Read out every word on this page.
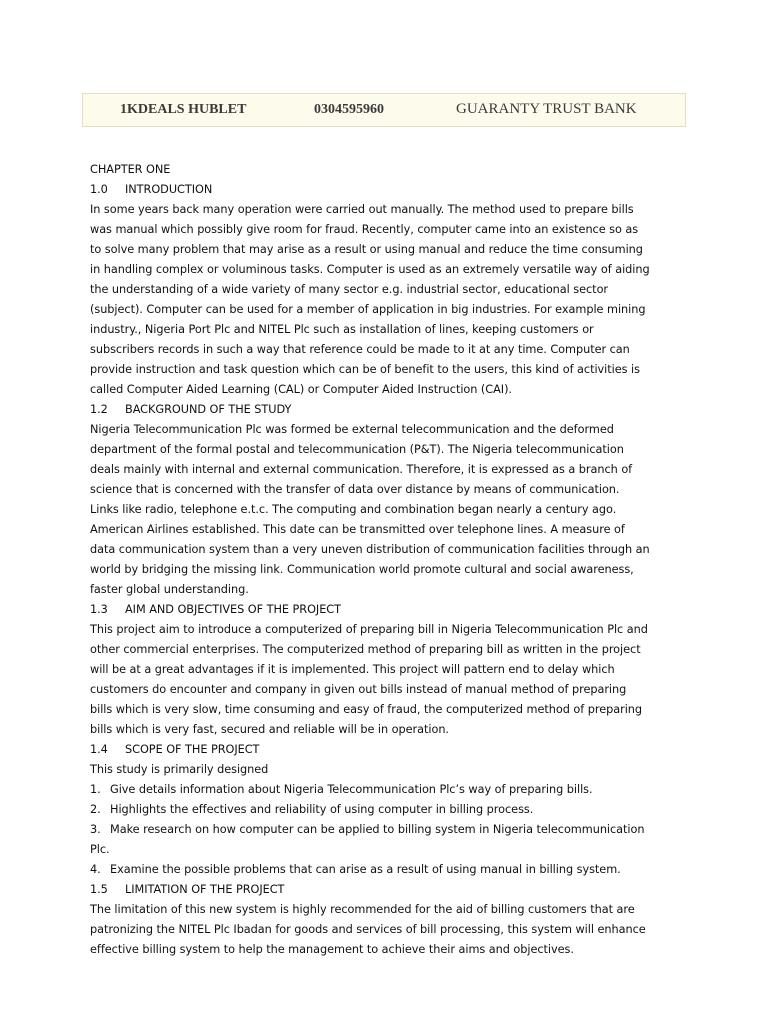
1KDEALS HUBLET	0304595960	GUARANTY TRUST BANK

CHAPTER ONE

1.0 INTRODUCTION

In some years back many operation were carried out manually. The method used to prepare bills was manual which possibly give room for fraud. Recently, computer came into an existence so as to solve many problem that may arise as a result or using manual and reduce the time consuming in handling complex or voluminous tasks. Computer is used as an extremely versatile way of aiding the understanding of a wide variety of many sector e.g. industrial sector, educational sector (subject). Computer can be used for a member of application in big industries. For example mining industry., Nigeria Port Plc and NITEL Plc such as installation of lines, keeping customers or subscribers records in such a way that reference could be made to it at any time. Computer can provide instruction and task question which can be of benefit to the users, this kind of activities is called Computer Aided Learning (CAL) or Computer Aided Instruction (CAI).

1.2 BACKGROUND OF THE STUDY

Nigeria Telecommunication Plc was formed be external telecommunication and the deformed department of the formal postal and telecommunication (P&T). The Nigeria telecommunication deals mainly with internal and external communication. Therefore, it is expressed as a branch of science that is concerned with the transfer of data over distance by means of communication. Links like radio, telephone e.t.c. The computing and combination began nearly a century ago. American Airlines established. This date can be transmitted over telephone lines. A measure of data communication system than a very uneven distribution of communication facilities through an world by bridging the missing link. Communication world promote cultural and social awareness, faster global understanding.

1.3 AIM AND OBJECTIVES OF THE PROJECT

This project aim to introduce a computerized of preparing bill in Nigeria Telecommunication Plc and other commercial enterprises. The computerized method of preparing bill as written in the project will be at a great advantages if it is implemented. This project will pattern end to delay which customers do encounter and company in given out bills instead of manual method of preparing bills which is very slow, time consuming and easy of fraud, the computerized method of preparing bills which is very fast, secured and reliable will be in operation.

1.4 SCOPE OF THE PROJECT

This study is primarily designed

1. Give details information about Nigeria Telecommunication Plc’s way of preparing bills.
2. Highlights the effectives and reliability of using computer in billing process.
3. Make research on how computer can be applied to billing system in Nigeria telecommunication Plc.
4. Examine the possible problems that can arise as a result of using manual in billing system.

1.5 LIMITATION OF THE PROJECT

The limitation of this new system is highly recommended for the aid of billing customers that are patronizing the NITEL Plc Ibadan for goods and services of bill processing, this system will enhance effective billing system to help the management to achieve their aims and objectives.
